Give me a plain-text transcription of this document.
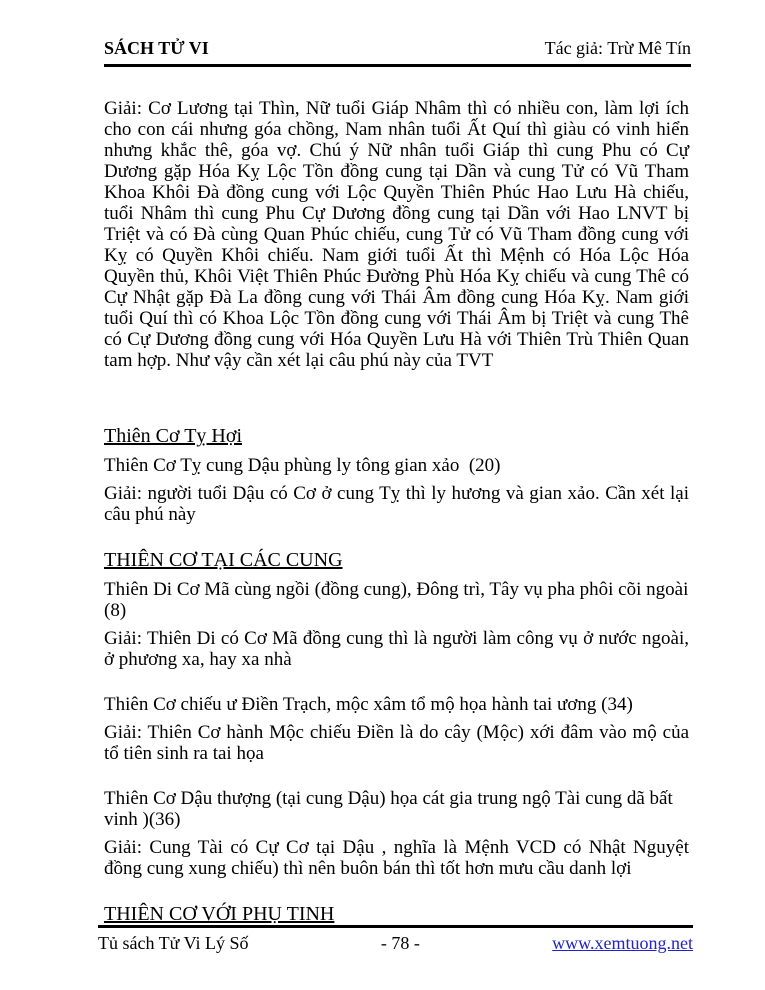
SÁCH TỬ VI	Tác giả: Trừ Mê Tín

Giải: Cơ Lương tại Thìn, Nữ tuổi Giáp Nhâm thì có nhiều con, làm lợi ích cho con cái nhưng góa chồng, Nam nhân tuổi Ất Quí thì giàu có vinh hiển nhưng khắc thê, góa vợ. Chú ý Nữ nhân tuổi Giáp thì cung Phu có Cự Dương gặp Hóa Kỵ Lộc Tồn đồng cung tại Dần và cung Tử có Vũ Tham Khoa Khôi Đà đồng cung với Lộc Quyền Thiên Phúc Hao Lưu Hà chiếu, tuổi Nhâm thì cung Phu Cự Dương đồng cung tại Dần với Hao LNVT bị Triệt và có Đà cùng Quan Phúc chiếu, cung Tử có Vũ Tham đồng cung với Kỵ có Quyền Khôi chiếu. Nam giới tuổi Ất thì Mệnh có Hóa Lộc Hóa Quyền thủ, Khôi Việt Thiên Phúc Đường Phù Hóa Kỵ chiếu và cung Thê có Cự Nhật gặp Đà La đồng cung với Thái Âm đồng cung Hóa Kỵ. Nam giới tuổi Quí thì có Khoa Lộc Tồn đồng cung với Thái Âm bị Triệt và cung Thê có Cự Dương đồng cung với Hóa Quyền Lưu Hà với Thiên Trù Thiên Quan tam hợp. Như vậy cần xét lại câu phú này của TVT

Thiên Cơ Tỵ Hợi

Thiên Cơ Tỵ cung Dậu phùng ly tông gian xảo  (20)

Giải: người tuổi Dậu có Cơ ở cung Tỵ thì ly hương và gian xảo. Cần xét lại câu phú này

THIÊN CƠ TẠI CÁC CUNG

Thiên Di Cơ Mã cùng ngồi (đồng cung), Đông trì, Tây vụ pha phôi cõi ngoài  (8)

Giải: Thiên Di có Cơ Mã đồng cung thì là người làm công vụ ở nước ngoài, ở phương xa, hay xa nhà

Thiên Cơ chiếu ư Điền Trạch, mộc xâm tổ mộ họa hành tai ương (34)

Giải: Thiên Cơ hành Mộc chiếu Điền là do cây (Mộc) xới đâm vào mộ của tổ tiên sinh ra tai họa

Thiên Cơ Dậu thượng (tại cung Dậu) họa cát gia trung ngộ Tài cung dã bất vinh )(36)

Giải: Cung Tài có Cự Cơ tại Dậu , nghĩa là Mệnh VCD có Nhật Nguyệt đồng cung xung chiếu) thì nên buôn bán thì tốt hơn mưu cầu danh lợi

THIÊN CƠ VỚI PHỤ TINH
Tủ sách Tử Vi Lý Số	- 78 -	www.xemtuong.net
